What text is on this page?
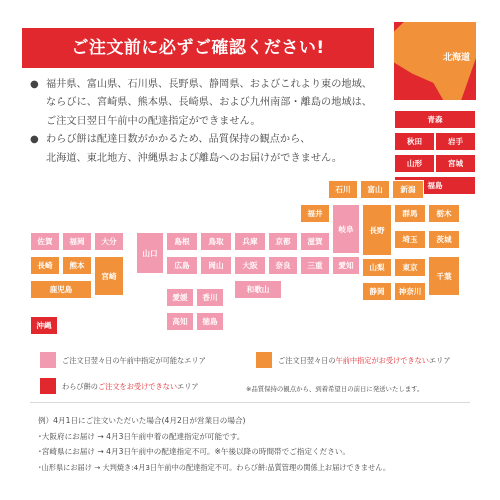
ご注文前に必ずご確認ください!	北海道
● 福井県、富山県、石川県、長野県、静岡県、およびこれより東の地域、
ならびに、宮崎県、熊本県、長崎県、および九州南部・離島の地域は、
ご注文日翌日午前中の配達指定ができません。
● わらび餅は配達日数がかかるため、品質保持の観点から、
北海道、東北地方、沖縄県および離島へのお届けができません。
青森
秋田	岩手
山形	宮城
福島
石川	富山	新潟
福井
岐阜	長野
群馬	栃木
埼玉	茨城
山梨	東京
千葉
静岡	神奈川
滋賀
京都
兵庫
鳥取
島根
山口
広島	岡山	大阪	奈良	三重	愛知
和歌山
愛媛	香川
高知	徳島
佐賀	福岡	大分
長崎	熊本
宮崎
鹿児島
沖縄
ご注文日翌々日の午前中指定が可能なエリア	ご注文日翌々日の午前中指定がお受けできないエリア
わらび餅のご注文をお受けできないエリア	※品質保持の観点から、到着希望日の前日に発送いたします。
例）4月1日にご注文いただいた場合(4月2日が営業日の場合)
･大阪府にお届け → 4月3日午前中着の配達指定が可能です。
･宮崎県にお届け → 4月3日午前中の配達指定不可。※午後以降の時間帯でご指定ください。
･山形県にお届け → 大判焼き:4月3日午前中の配達指定不可。わらび餅:品質管理の関係上お届けできません。
